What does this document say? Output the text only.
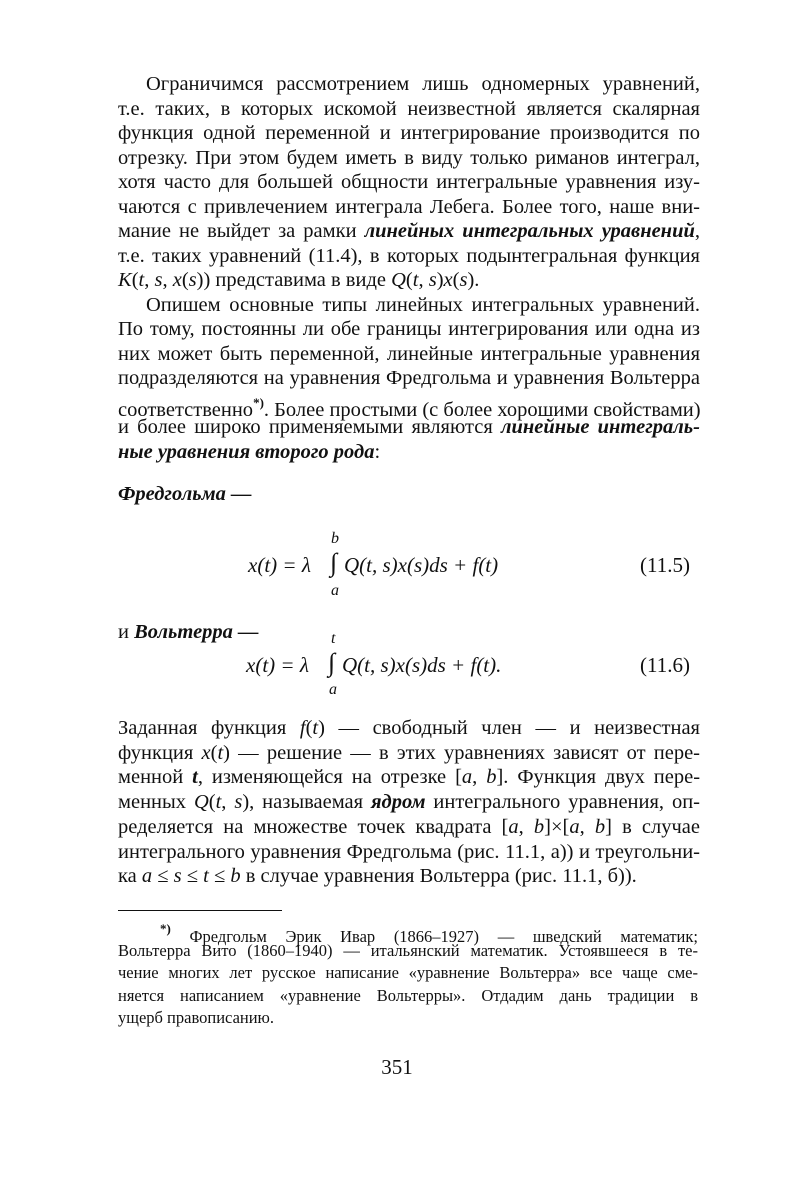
Ограничимся рассмотрением лишь одномерных уравнений,
т.е. таких, в которых искомой неизвестной является скалярная
функция одной переменной и интегрирование производится по
отрезку. При этом будем иметь в виду только риманов интеграл,
хотя часто для большей общности интегральные уравнения изу-
чаются с привлечением интеграла Лебега. Более того, наше вни-
мание не выйдет за рамки линейных интегральных уравнений,
т.е. таких уравнений (11.4), в которых подынтегральная функция
K(t, s, x(s)) представима в виде Q(t, s)x(s).
Опишем основные типы линейных интегральных уравнений.
По тому, постоянны ли обе границы интегрирования или одна из
них может быть переменной, линейные интегральные уравнения
подразделяются на уравнения Фредгольма и уравнения Вольтерра
соответственно*). Более простыми (с более хорошими свойствами)
и более широко применяемыми являются линейные интеграль-
ные уравнения второго рода:
Фредгольма —
x(t) = λ ∫
b
a
Q(t, s)x(s)ds + f(t)	(11.5)
и Вольтерра —
x(t) = λ ∫
t
a
Q(t, s)x(s)ds + f(t).	(11.6)
Заданная функция f(t) — свободный член — и неизвестная
функция x(t) — решение — в этих уравнениях зависят от пере-
менной t, изменяющейся на отрезке [a, b]. Функция двух пере-
менных Q(t, s), называемая ядром интегрального уравнения, оп-
ределяется на множестве точек квадрата [a, b]×[a, b] в случае
интегрального уравнения Фредгольма (рис. 11.1, а)) и треугольни-
ка a ≤ s ≤ t ≤ b в случае уравнения Вольтерра (рис. 11.1, б)).
*) Фредгольм Эрик Ивар (1866–1927) — шведский математик;
Вольтерра Вито (1860–1940) — итальянский математик. Устоявшееся в те-
чение многих лет русское написание «уравнение Вольтерра» все чаще сме-
няется написанием «уравнение Вольтерры». Отдадим дань традиции в
ущерб правописанию.
351
